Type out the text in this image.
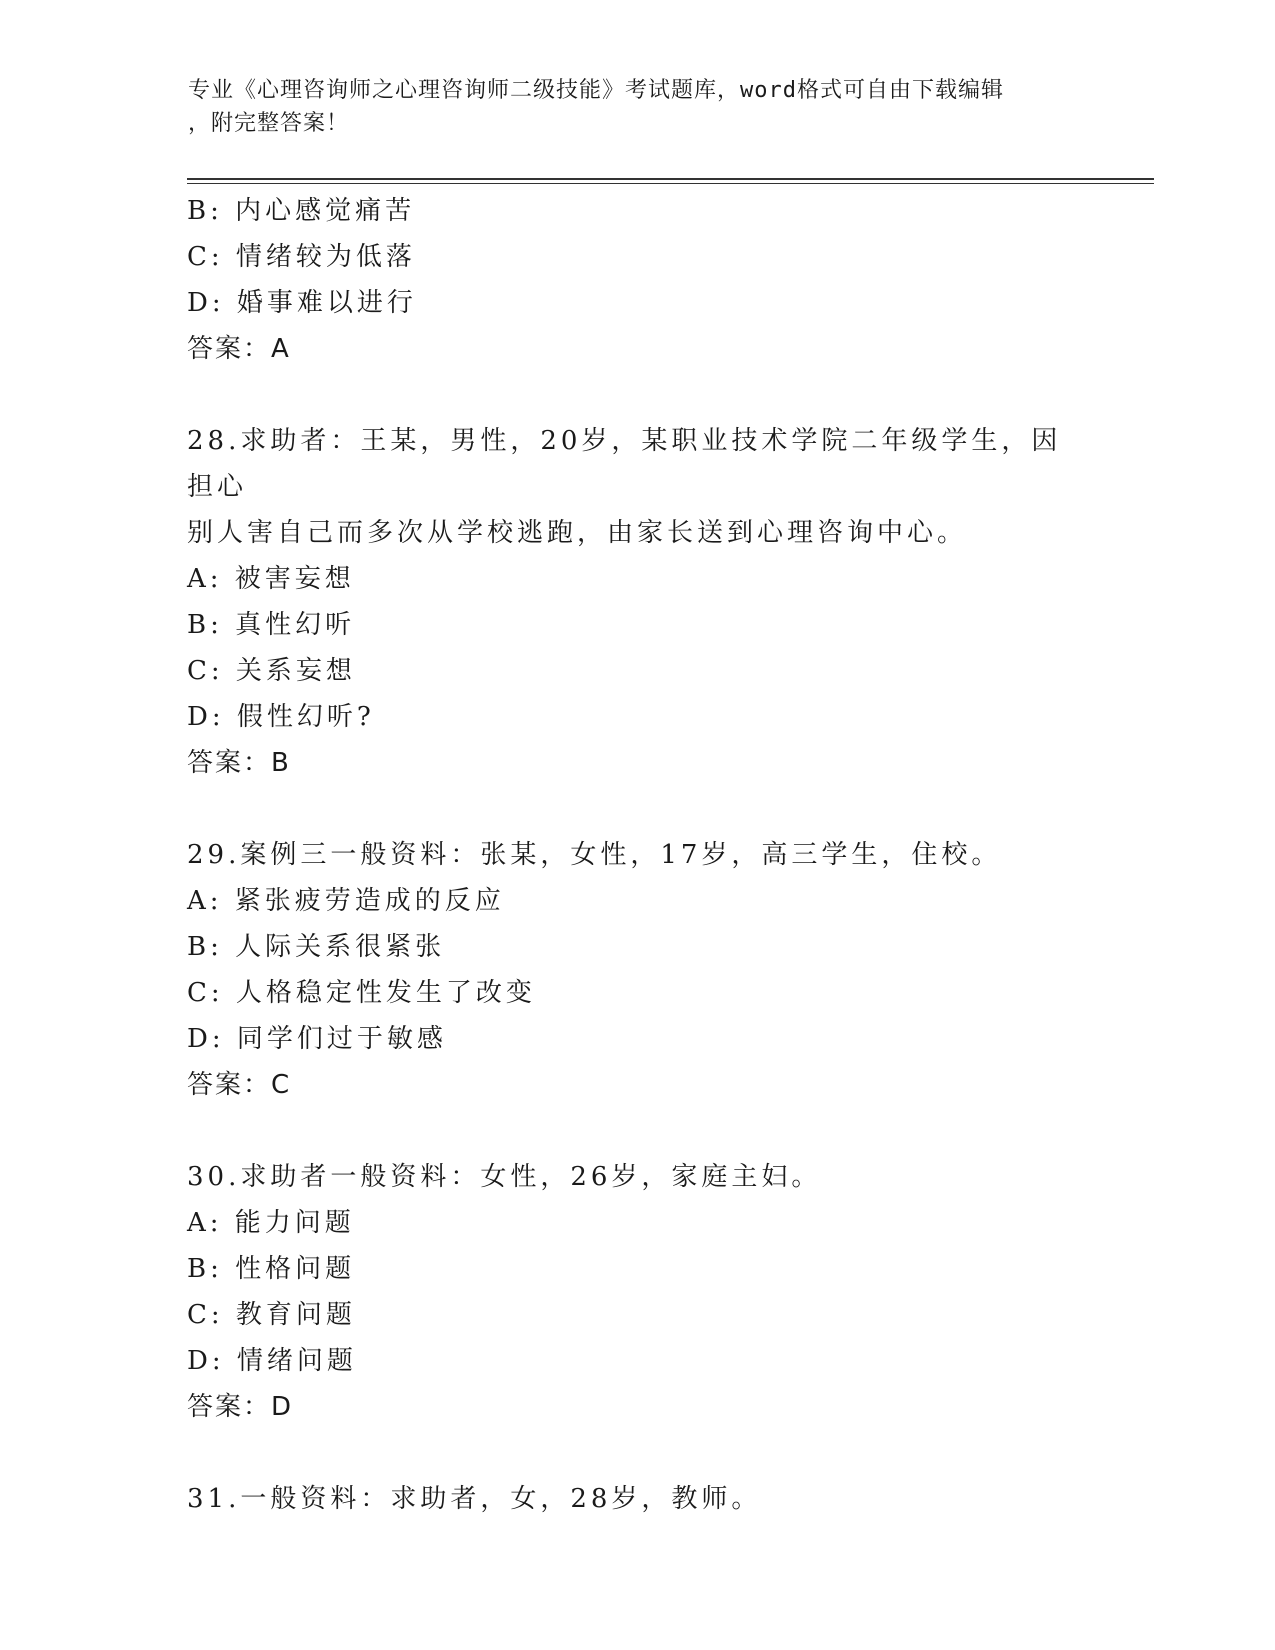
专业《心理咨询师之心理咨询师二级技能》考试题库，word格式可自由下载编辑
，附完整答案！
B: 内心感觉痛苦
C: 情绪较为低落
D: 婚事难以进行
答案：A
28.求助者：王某，男性，20岁，某职业技术学院二年级学生，因担心
别人害自己而多次从学校逃跑，由家长送到心理咨询中心。
A: 被害妄想
B: 真性幻听
C: 关系妄想
D: 假性幻听?
答案：B
29.案例三一般资料：张某，女性，17岁，高三学生，住校。
A: 紧张疲劳造成的反应
B: 人际关系很紧张
C: 人格稳定性发生了改变
D: 同学们过于敏感
答案：C
30.求助者一般资料：女性，26岁，家庭主妇。
A: 能力问题
B: 性格问题
C: 教育问题
D: 情绪问题
答案：D
31.一般资料：求助者，女，28岁，教师。
